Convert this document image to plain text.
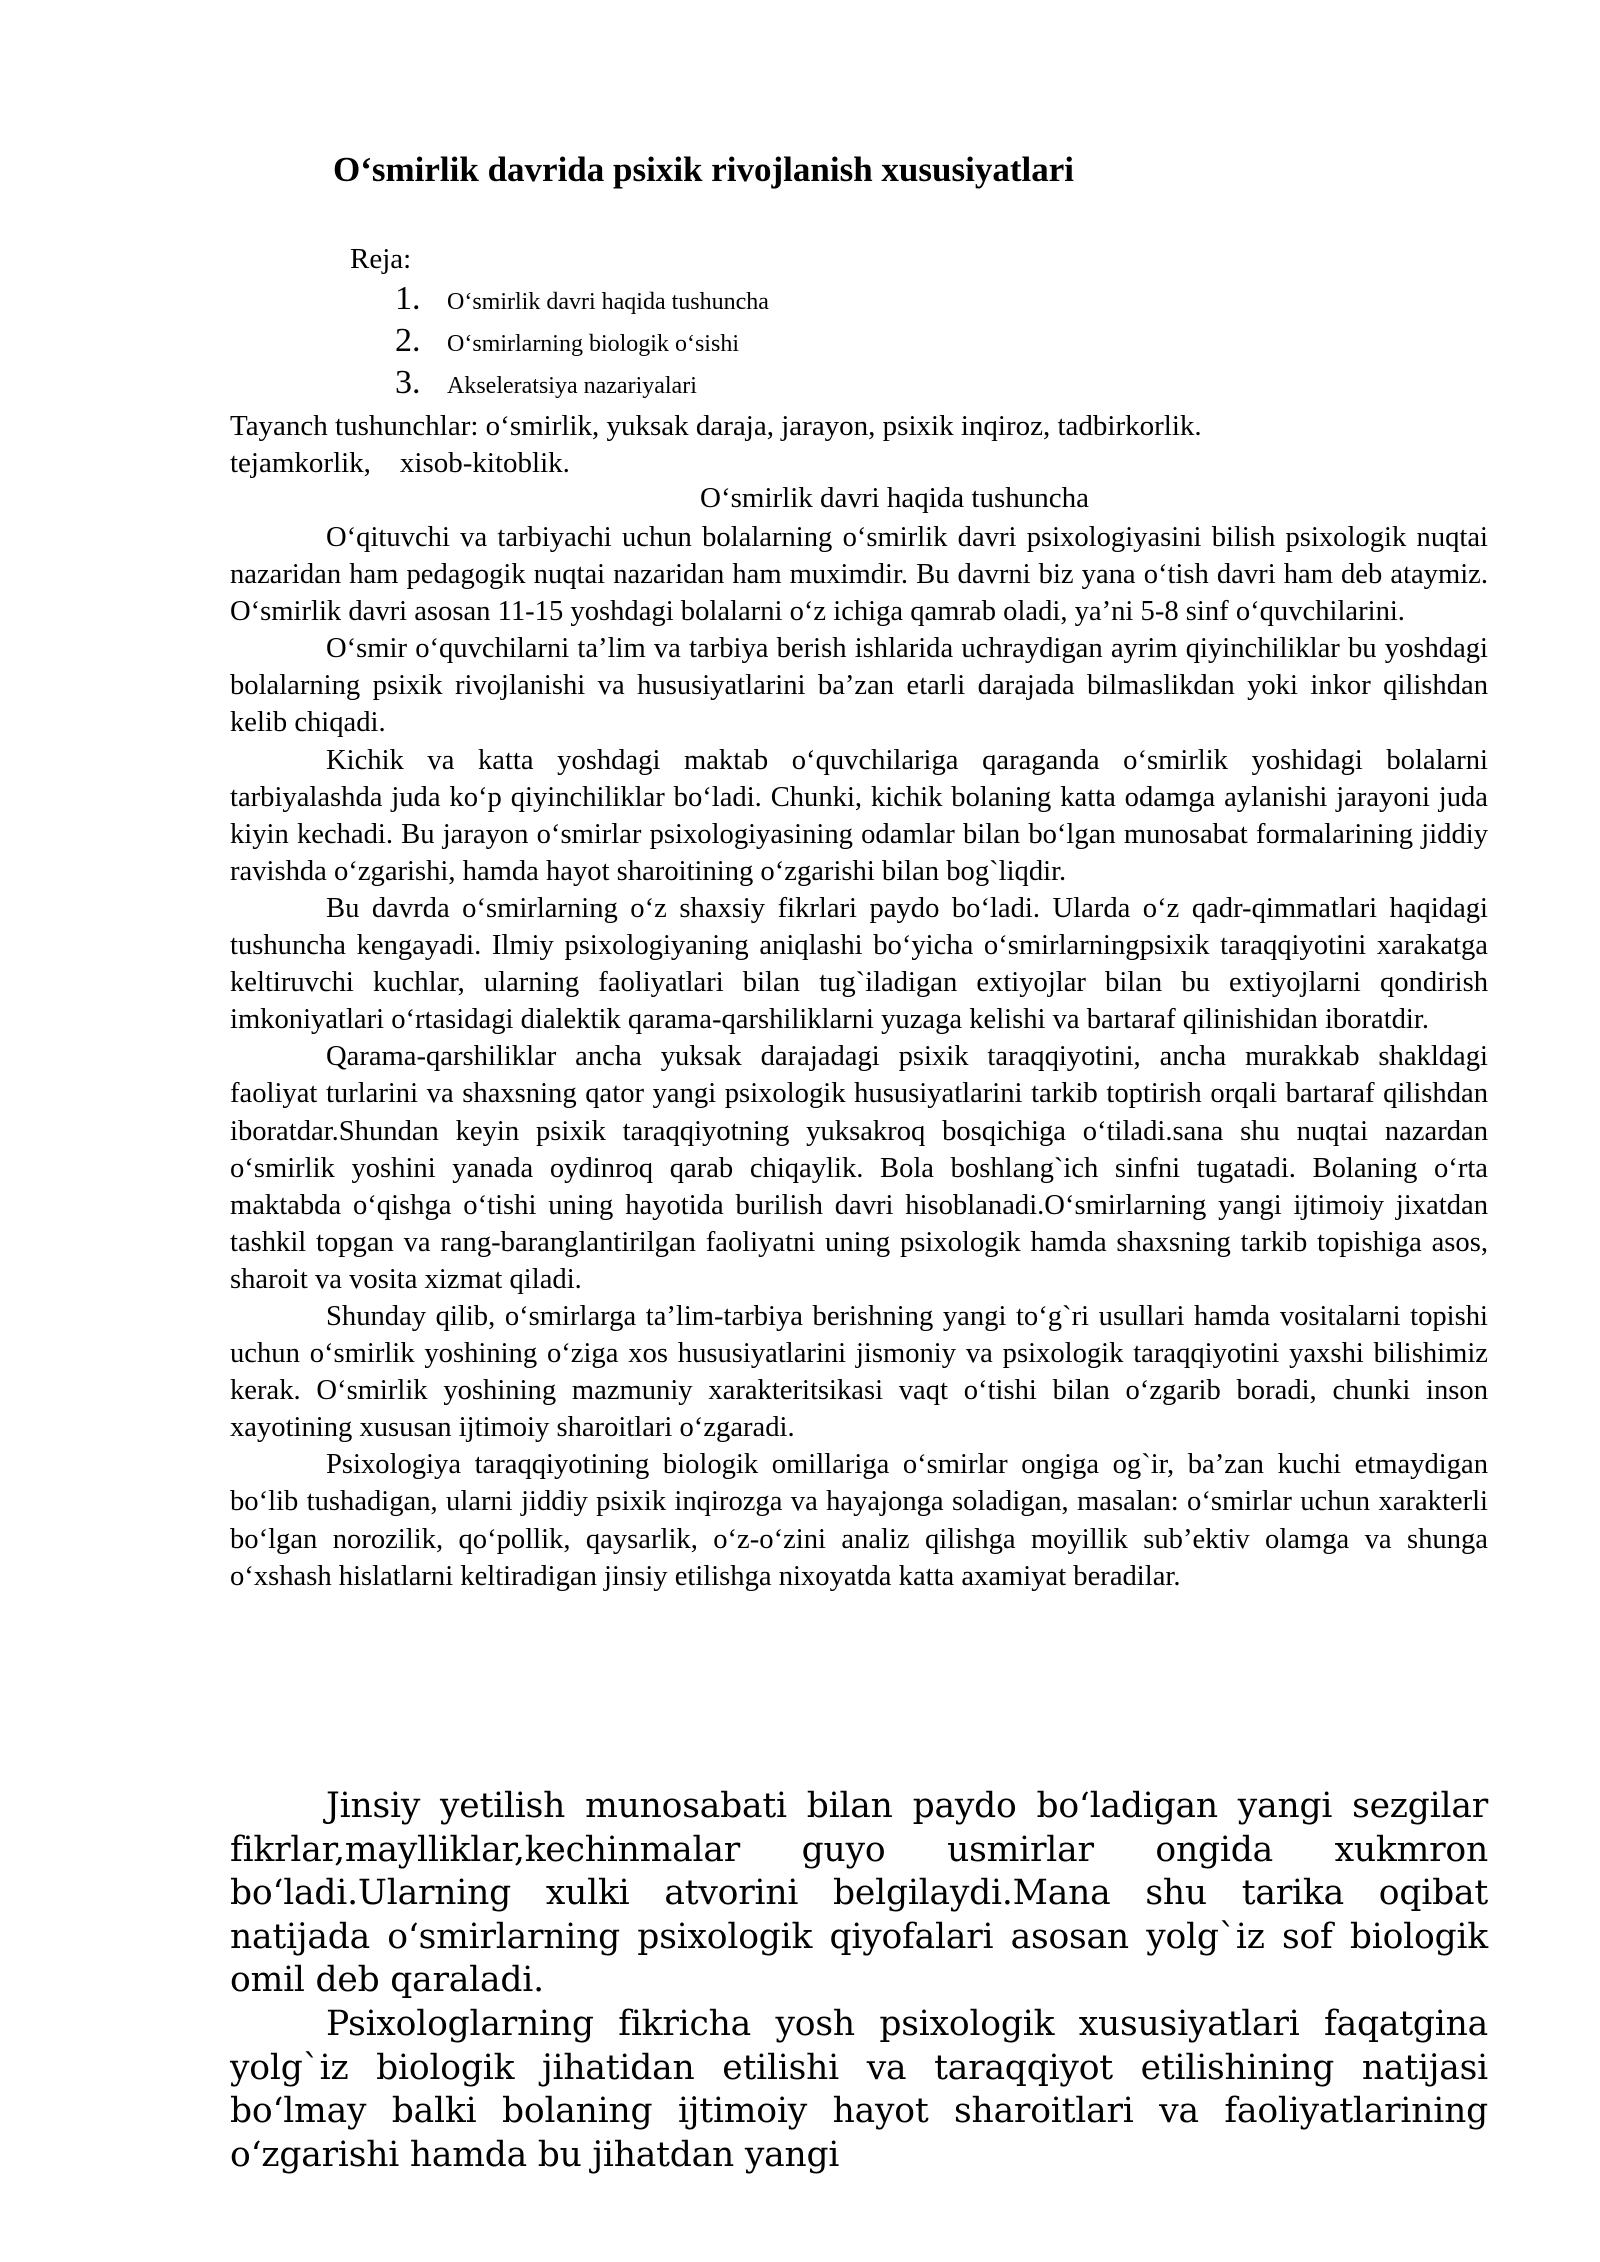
O‘smirlik davrida psixik rivojlanish xususiyatlari
Reja:
1. O‘smirlik davri haqida tushuncha
2. O‘smirlarning biologik o‘sishi
3. Akseleratsiya nazariyalari
Tayanch tushunchlar: o‘smirlik, yuksak daraja, jarayon, psixik inqiroz, tadbirkorlik.
tejamkorlik,    xisob-kitoblik.
O‘smirlik davri haqida tushuncha

O‘qituvchi va tarbiyachi uchun bolalarning o‘smirlik davri psixologiyasini bilish psixologik nuqtai nazaridan ham pedagogik nuqtai nazaridan ham muximdir. Bu davrni biz yana o‘tish davri ham deb ataymiz. O‘smirlik davri asosan 11-15 yoshdagi bolalarni o‘z ichiga qamrab oladi, ya’ni 5-8 sinf o‘quvchilarini.

O‘smir o‘quvchilarni ta’lim va tarbiya berish ishlarida uchraydigan ayrim qiyinchiliklar bu yoshdagi bolalarning psixik rivojlanishi va hususiyatlarini ba’zan etarli darajada bilmaslikdan yoki inkor qilishdan kelib chiqadi.

Kichik va katta yoshdagi maktab o‘quvchilariga qaraganda o‘smirlik yoshidagi bolalarni tarbiyalashda juda ko‘p qiyinchiliklar bo‘ladi. Chunki, kichik bolaning katta odamga aylanishi jarayoni juda kiyin kechadi. Bu jarayon o‘smirlar psixologiyasining odamlar bilan bo‘lgan munosabat formalarining jiddiy ravishda o‘zgarishi, hamda hayot sharoitining o‘zgarishi bilan bog`liqdir.

Bu davrda o‘smirlarning o‘z shaxsiy fikrlari paydo bo‘ladi. Ularda o‘z qadr-qimmatlari haqidagi tushuncha kengayadi. Ilmiy psixologiyaning aniqlashi bo‘yicha o‘smirlarningpsixik taraqqiyotini xarakatga keltiruvchi kuchlar, ularning faoliyatlari bilan tug`iladigan extiyojlar bilan bu extiyojlarni qondirish imkoniyatlari o‘rtasidagi dialektik qarama-qarshiliklarni yuzaga kelishi va bartaraf qilinishidan iboratdir.

Qarama-qarshiliklar ancha yuksak darajadagi psixik taraqqiyotini, ancha murakkab shakldagi faoliyat turlarini va shaxsning qator yangi psixologik hususiyatlarini tarkib toptirish orqali bartaraf qilishdan iboratdar.Shundan keyin psixik taraqqiyotning yuksakroq bosqichiga o‘tiladi.sana shu nuqtai nazardan o‘smirlik yoshini yanada oydinroq qarab chiqaylik. Bola boshlang`ich sinfni tugatadi. Bolaning o‘rta maktabda o‘qishga o‘tishi uning hayotida burilish davri hisoblanadi.O‘smirlarning yangi ijtimoiy jixatdan tashkil topgan va rang-baranglantirilgan faoliyatni uning psixologik hamda shaxsning tarkib topishiga asos, sharoit va vosita xizmat qiladi.

Shunday qilib, o‘smirlarga ta’lim-tarbiya berishning yangi to‘g`ri usullari hamda vositalarni topishi uchun o‘smirlik yoshining o‘ziga xos hususiyatlarini jismoniy va psixologik taraqqiyotini yaxshi bilishimiz kerak. O‘smirlik yoshining mazmuniy xarakteritsikasi vaqt o‘tishi bilan o‘zgarib boradi, chunki inson xayotining xususan ijtimoiy sharoitlari o‘zgaradi.

Psixologiya taraqqiyotining biologik omillariga o‘smirlar ongiga og`ir, ba’zan kuchi etmaydigan bo‘lib tushadigan, ularni jiddiy psixik inqirozga va hayajonga soladigan, masalan: o‘smirlar uchun xarakterli bo‘lgan norozilik, qo‘pollik, qaysarlik, o‘z-o‘zini analiz qilishga moyillik sub’ektiv olamga va shunga o‘xshash hislatlarni keltiradigan jinsiy etilishga nixoyatda katta axamiyat beradilar.

Jinsiy yetilish munosabati bilan paydo bo‘ladigan yangi sezgilar fikrlar,maylliklar,kechinmalar guyo usmirlar ongida xukmron bo‘ladi.Ularning xulki atvorini belgilaydi.Mana shu tarika oqibat natijada o‘smirlarning psixologik qiyofalari asosan yolg`iz sof biologik omil deb qaraladi.

Psixologlarning fikricha yosh psixologik xususiyatlari faqatgina yolg`iz biologik jihatidan etilishi va taraqqiyot etilishining natijasi bo‘lmay balki bolaning ijtimoiy hayot sharoitlari va faoliyatlarining o‘zgarishi hamda bu jihatdan yangi
